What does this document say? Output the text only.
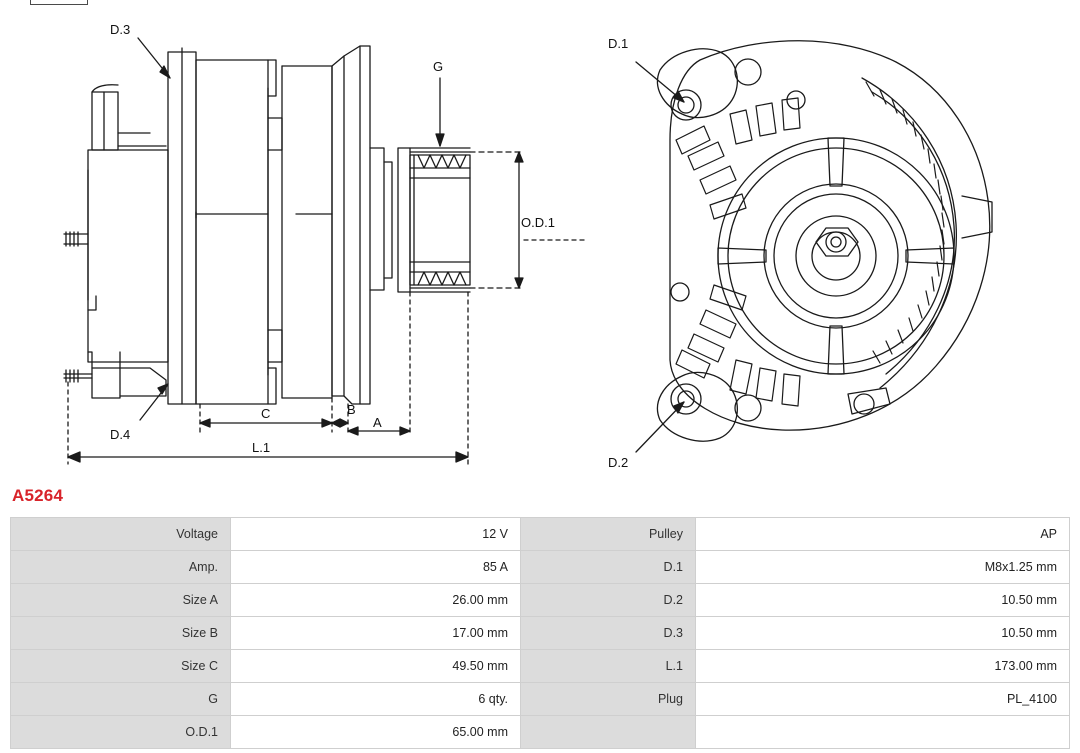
D.3
G
O.D.1
D.4
C	B
A
L.1
D.1
D.2
A5264
Voltage	12 V	Pulley	AP
Amp.	85 A	D.1	M8x1.25 mm
Size A	26.00 mm	D.2	10.50 mm
Size B	17.00 mm	D.3	10.50 mm
Size C	49.50 mm	L.1	173.00 mm
G	6 qty.	Plug	PL_4100
O.D.1	65.00 mm		
